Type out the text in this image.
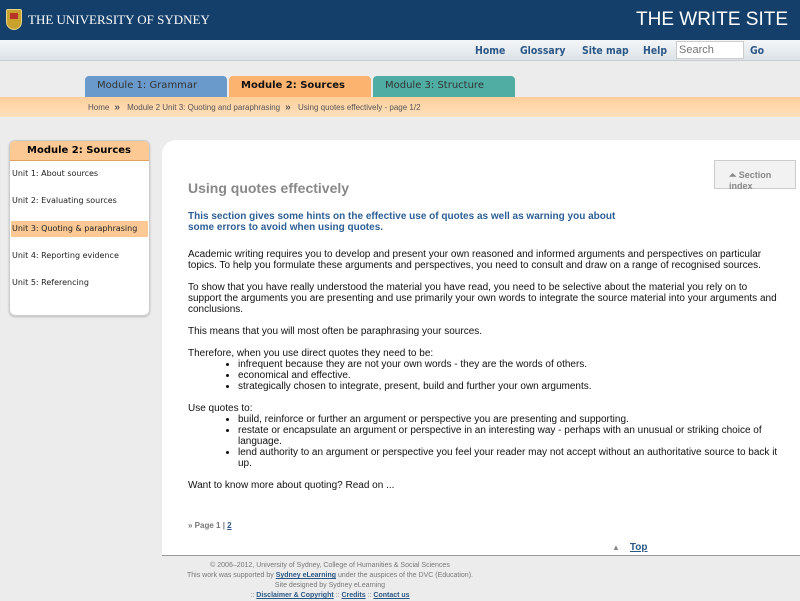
THE UNIVERSITY OF SYDNEY	THE WRITE SITE
Home Glossary Site map Help
Search	Go
Module 1: Grammar	Module 2: Sources	Module 3: Structure
Home » Module 2 Unit 3: Quoting and paraphrasing » Using quotes effectively - page 1/2
Module 2: Sources
Unit 1: About sources
Unit 2: Evaluating sources
Unit 3: Quoting & paraphrasing
Unit 4: Reporting evidence
Unit 5: Referencing
⏶ Section index
Using quotes effectively
This section gives some hints on the effective use of quotes as well as warning you about some errors to avoid when using quotes.

Academic writing requires you to develop and present your own reasoned and informed arguments and perspectives on particular topics. To help you formulate these arguments and perspectives, you need to consult and draw on a range of recognised sources.

To show that you have really understood the material you have read, you need to be selective about the material you rely on to support the arguments you are presenting and use primarily your own words to integrate the source material into your arguments and conclusions.

This means that you will most often be paraphrasing your sources.

Therefore, when you use direct quotes they need to be:
• infrequent because they are not your own words - they are the words of others.
• economical and effective.
• strategically chosen to integrate, present, build and further your own arguments.
Use quotes to:
• build, reinforce or further an argument or perspective you are presenting and supporting.
• restate or encapsulate an argument or perspective in an interesting way - perhaps with an unusual or striking choice of language.
• lend authority to an argument or perspective you feel your reader may not accept without an authoritative source to back it up.

Want to know more about quoting? Read on ...

» Page 1 | 2
▲ Top
© 2006–2012, University of Sydney, College of Humanities & Social Sciences
This work was supported by Sydney eLearning under the auspices of the DVC (Education).
Site designed by Sydney eLearning
:: Disclaimer & Copyright :: Credits :: Contact us
